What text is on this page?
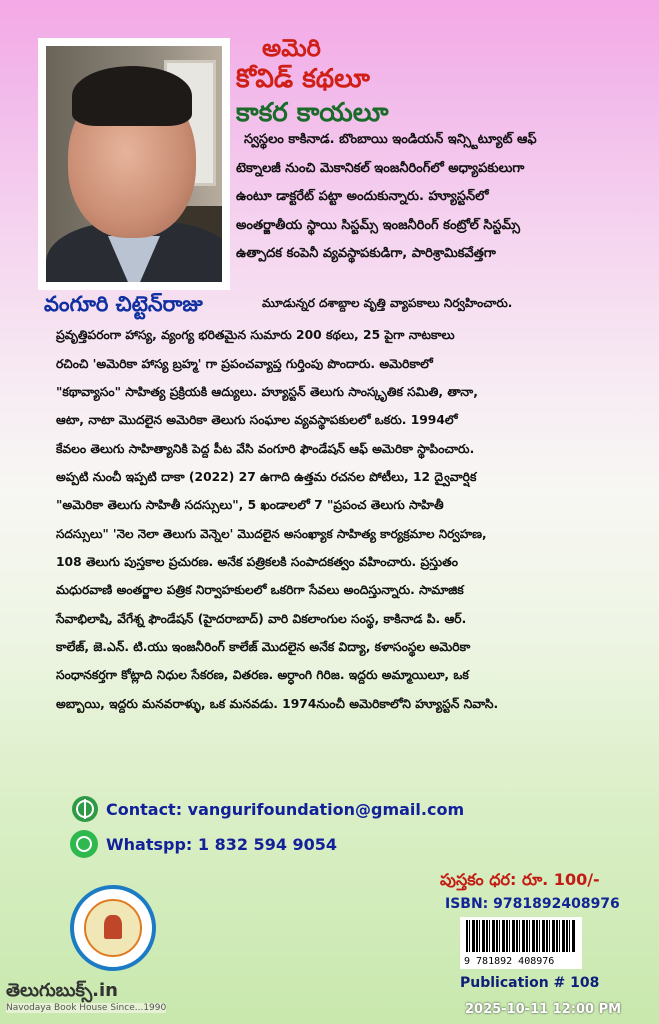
అమెరి
కోవిడ్ కథలూ
కాకర కాయలూ
వంగూరి చిట్టెన్‌రాజు
స్వస్థలం కాకినాడ. బొంబాయి ఇండియన్ ఇన్స్టిట్యూట్ ఆఫ్
టెక్నాలజీ నుంచి మెకానికల్ ఇంజనీరింగ్‌లో అధ్యాపకులుగా
ఉంటూ డాక్టరేట్ పట్టా అందుకున్నారు. హ్యూస్టన్‌లో
అంతర్జాతీయ స్థాయి సిస్టమ్స్ ఇంజనీరింగ్ కంట్రోల్ సిస్టమ్స్
ఉత్పాదక కంపెనీ వ్యవస్థాపకుడిగా, పారిశ్రామికవేత్తగా
మూడున్నర దశాబ్దాల వృత్తి వ్యాపకాలు నిర్వహించారు.
ప్రవృత్తిపరంగా హాస్య, వ్యంగ్య భరితమైన సుమారు 200 కథలు, 25 పైగా నాటకాలు
రచించి 'అమెరికా హాస్య బ్రహ్మ' గా ప్రపంచవ్యాప్త గుర్తింపు పొందారు. అమెరికాలో
"కథావ్యాసం" సాహిత్య ప్రక్రియకి ఆద్యులు. హ్యూస్టన్ తెలుగు సాంస్కృతిక సమితి, తానా,
ఆటా, నాటా మొదలైన అమెరికా తెలుగు సంఘాల వ్యవస్థాపకులలో ఒకరు. 1994లో
కేవలం తెలుగు సాహిత్యానికి పెద్ద పీట వేసి వంగూరి ఫౌండేషన్ ఆఫ్ అమెరికా స్థాపించారు.
అప్పటి నుంచీ ఇప్పటి దాకా (2022) 27 ఉగాది ఉత్తమ రచనల పోటీలు, 12 ద్వైవార్షిక
"అమెరికా తెలుగు సాహితీ సదస్సులు", 5 ఖండాలలో 7 "ప్రపంచ తెలుగు సాహితీ
సదస్సులు" 'నెల నెలా తెలుగు వెన్నెల' మొదలైన అసంఖ్యాక సాహిత్య కార్యక్రమాల నిర్వహణ,
108 తెలుగు పుస్తకాల ప్రచురణ. అనేక పత్రికలకి సంపాదకత్వం వహించారు. ప్రస్తుతం
మధురవాణి అంతర్జాల పత్రిక నిర్వాహకులలో ఒకరిగా సేవలు అందిస్తున్నారు. సామాజిక
సేవాభిలాషి, వేగేశ్న ఫౌండేషన్ (హైదరాబాద్) వారి వికలాంగుల సంస్థ, కాకినాడ పి. ఆర్.
కాలేజ్, జె.ఎన్. టి.యు ఇంజనీరింగ్ కాలేజ్ మొదలైన అనేక విద్యా, కళాసంస్థల అమెరికా
సంధానకర్తగా కోట్లాది నిధుల సేకరణ, వితరణ. అర్ధాంగి గిరిజ. ఇద్దరు అమ్మాయిలూ, ఒక
అబ్బాయి, ఇద్దరు మనవరాళ్ళు, ఒక మనవడు. 1974నుంచీ అమెరికాలోని హ్యూస్టన్ నివాసి.
Contact: vangurifoundation@gmail.com
Whatspp: 1 832 594 9054
పుస్తకం ధర: రూ. 100/-
ISBN: 9781892408976
9 781892 408976
Publication # 108
తెలుగుబుక్స్.in
Navodaya Book House Since...1990	2025-10-11 12:00 PM
